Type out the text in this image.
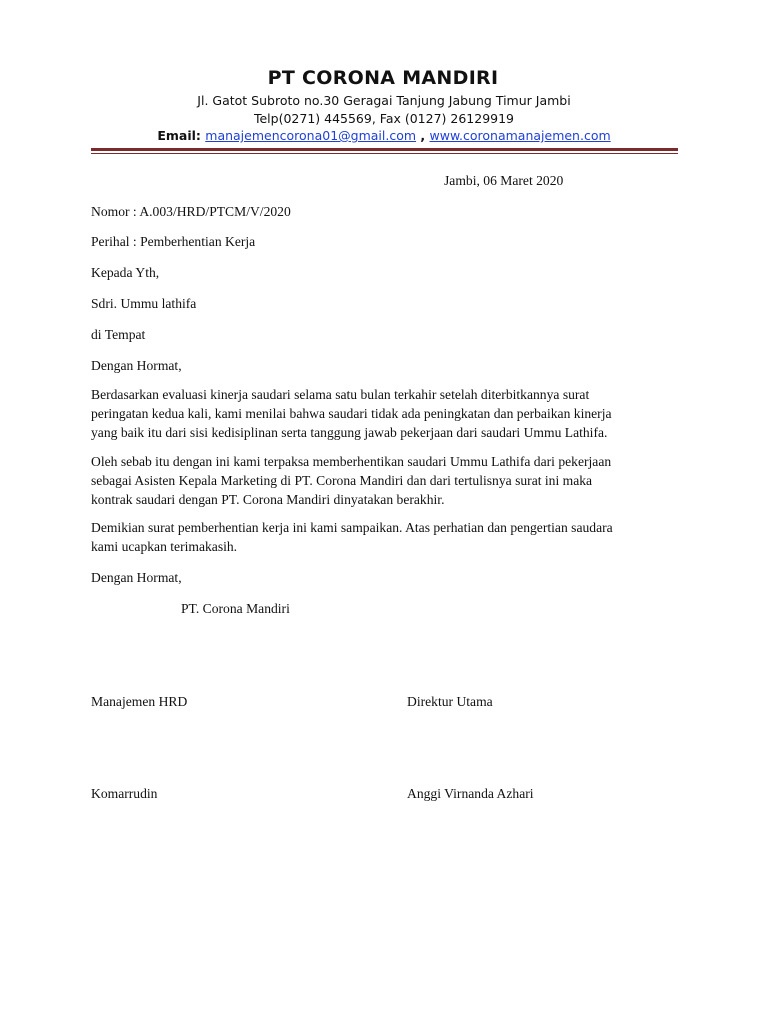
PT CORONA MANDIRI
Jl. Gatot Subroto no.30 Geragai Tanjung Jabung Timur Jambi
Telp(0271) 445569, Fax (0127) 26129919
Email: manajemencorona01@gmail.com , www.coronamanajemen.com
Jambi, 06 Maret 2020
Nomor : A.003/HRD/PTCM/V/2020
Perihal : Pemberhentian Kerja
Kepada Yth,
Sdri. Ummu lathifa
di Tempat
Dengan Hormat,
Berdasarkan evaluasi kinerja saudari selama satu bulan terkahir setelah diterbitkannya surat
peringatan kedua kali, kami menilai bahwa saudari tidak ada peningkatan dan perbaikan kinerja
yang baik itu dari sisi kedisiplinan serta tanggung jawab pekerjaan dari saudari Ummu Lathifa.
Oleh sebab itu dengan ini kami terpaksa memberhentikan saudari Ummu Lathifa dari pekerjaan
sebagai Asisten Kepala Marketing di PT. Corona Mandiri dan dari tertulisnya surat ini maka
kontrak saudari dengan PT. Corona Mandiri dinyatakan berakhir.
Demikian surat pemberhentian kerja ini kami sampaikan. Atas perhatian dan pengertian saudara
kami ucapkan terimakasih.
Dengan Hormat,
PT. Corona Mandiri
Manajemen HRD	Direktur Utama
Komarrudin	Anggi Virnanda Azhari
